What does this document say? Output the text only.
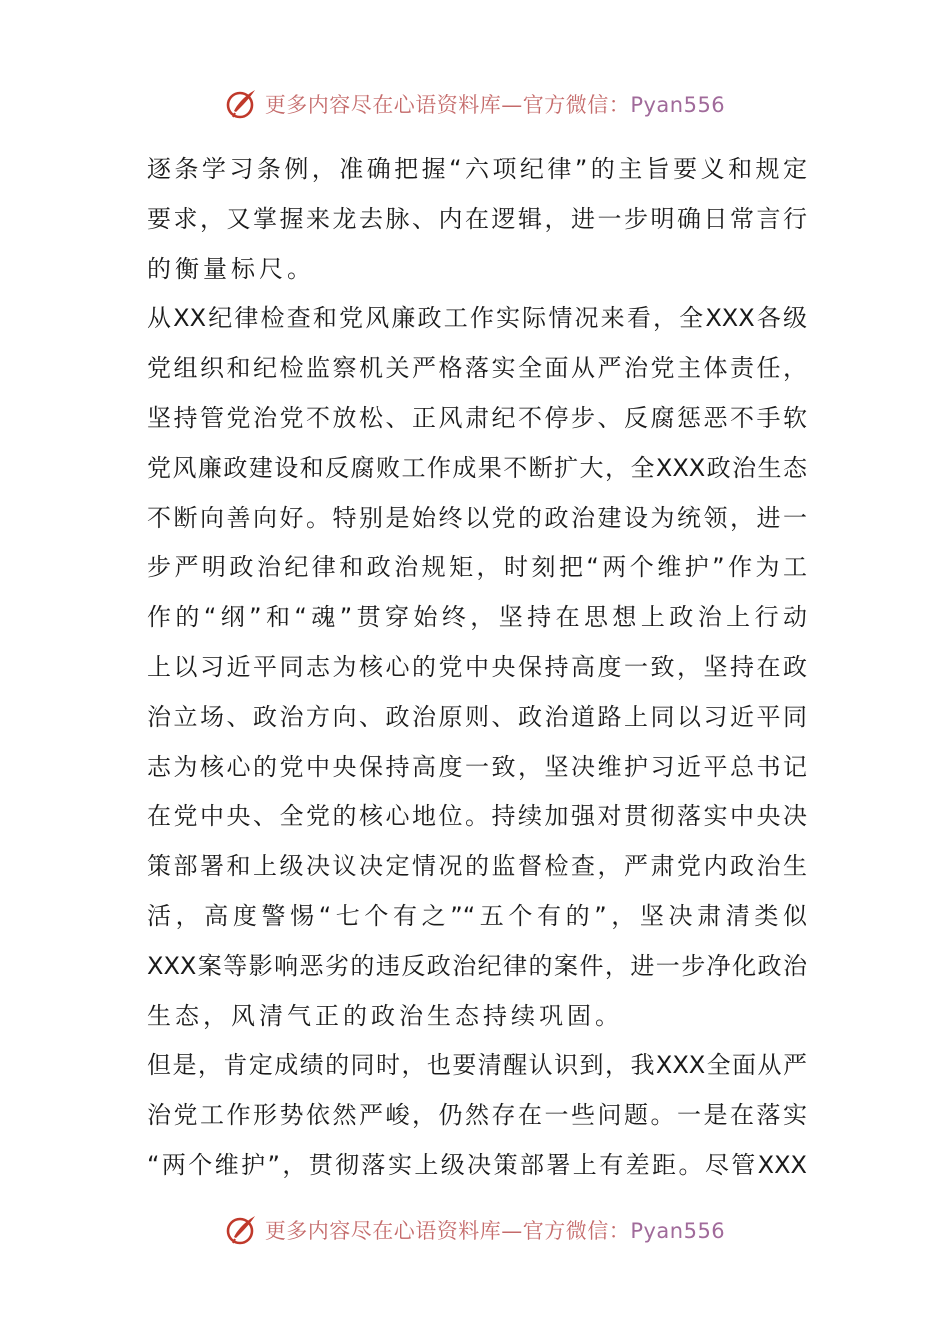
更多内容尽在心语资料库—官方微信：Pyan556
逐条学习条例，准确把握“六项纪律”的主旨要义和规定
要求，又掌握来龙去脉、内在逻辑，进一步明确日常言行
的衡量标尺。
从XX纪律检查和党风廉政工作实际情况来看，全XXX各级
党组织和纪检监察机关严格落实全面从严治党主体责任，
坚持管党治党不放松、正风肃纪不停步、反腐惩恶不手软
党风廉政建设和反腐败工作成果不断扩大，全XXX政治生态
不断向善向好。特别是始终以党的政治建设为统领，进一
步严明政治纪律和政治规矩，时刻把“两个维护”作为工
作的“纲”和“魂”贯穿始终，坚持在思想上政治上行动
上以习近平同志为核心的党中央保持高度一致，坚持在政
治立场、政治方向、政治原则、政治道路上同以习近平同
志为核心的党中央保持高度一致，坚决维护习近平总书记
在党中央、全党的核心地位。持续加强对贯彻落实中央决
策部署和上级决议决定情况的监督检查，严肃党内政治生
活，高度警惕“七个有之”“五个有的”，坚决肃清类似
XXX案等影响恶劣的违反政治纪律的案件，进一步净化政治
生态，风清气正的政治生态持续巩固。
但是，肯定成绩的同时，也要清醒认识到，我XXX全面从严
治党工作形势依然严峻，仍然存在一些问题。一是在落实
“两个维护”，贯彻落实上级决策部署上有差距。尽管XXX
更多内容尽在心语资料库—官方微信：Pyan556
